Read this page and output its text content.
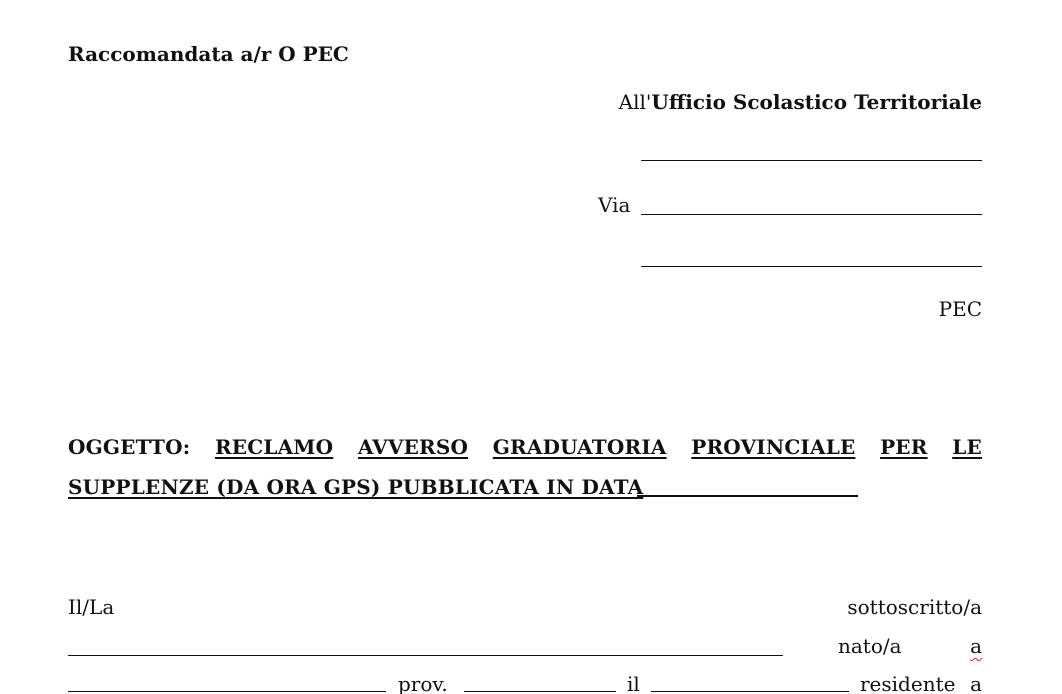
Raccomandata a/r O PEC
All'Ufficio Scolastico Territoriale
Via
PEC
OGGETTO: RECLAMO AVVERSO GRADUATORIA PROVINCIALE PER LE
SUPPLENZE (DA ORA GPS) PUBBLICATA IN DATA
Il/La	sottoscritto/a
nato/a	a
prov.	il	residente a
